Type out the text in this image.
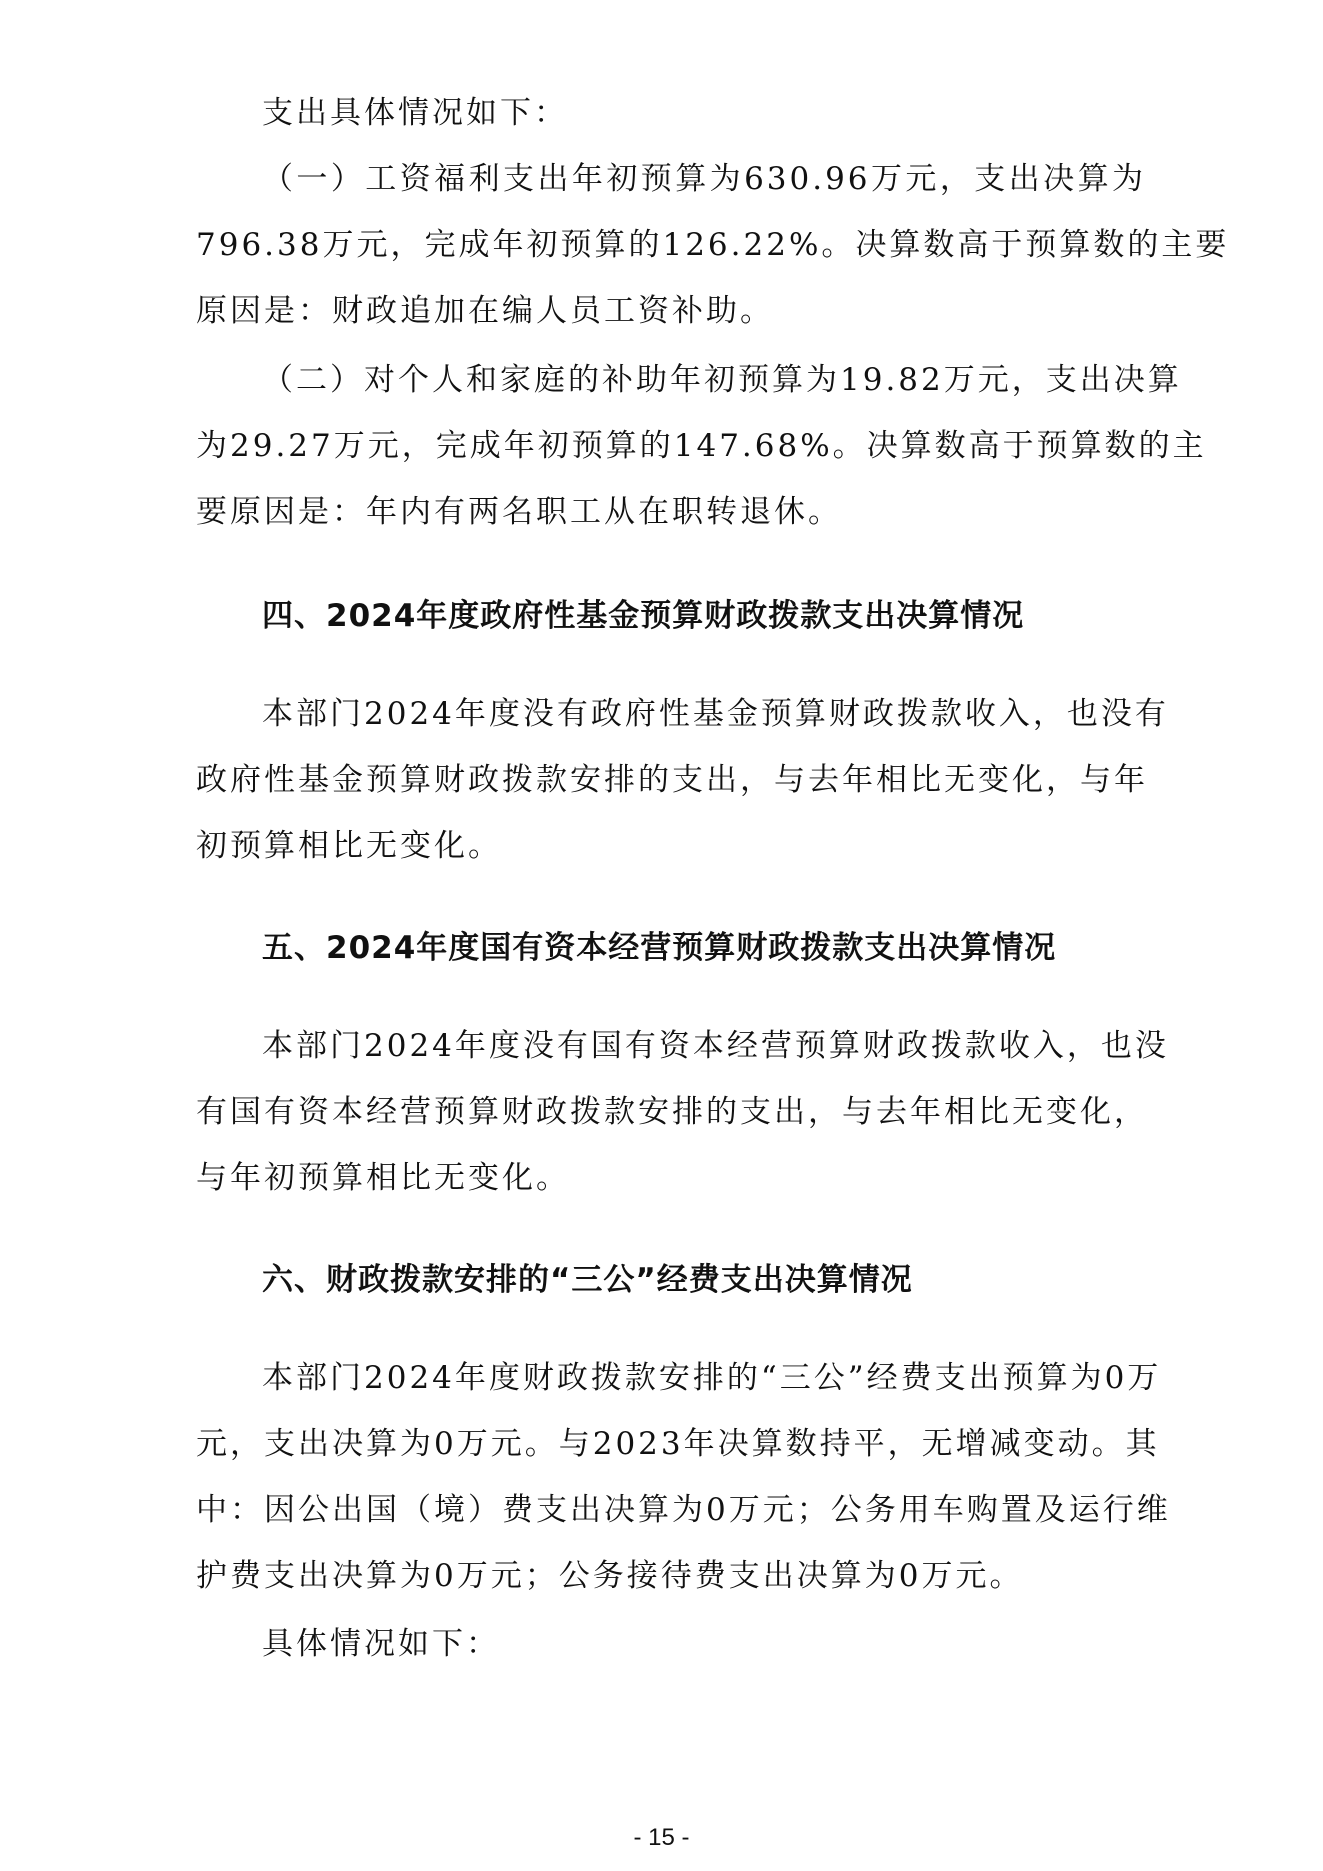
支出具体情况如下：

（一）工资福利支出年初预算为630.96万元，支出决算为

796.38万元，完成年初预算的126.22%。决算数高于预算数的主要

原因是：财政追加在编人员工资补助。

（二）对个人和家庭的补助年初预算为19.82万元，支出决算

为29.27万元，完成年初预算的147.68%。决算数高于预算数的主

要原因是：年内有两名职工从在职转退休。

四、2024年度政府性基金预算财政拨款支出决算情况

本部门2024年度没有政府性基金预算财政拨款收入，也没有

政府性基金预算财政拨款安排的支出，与去年相比无变化，与年

初预算相比无变化。

五、2024年度国有资本经营预算财政拨款支出决算情况

本部门2024年度没有国有资本经营预算财政拨款收入，也没

有国有资本经营预算财政拨款安排的支出，与去年相比无变化，

与年初预算相比无变化。

六、财政拨款安排的“三公”经费支出决算情况

本部门2024年度财政拨款安排的“三公”经费支出预算为0万

元，支出决算为0万元。与2023年决算数持平，无增减变动。其

中：因公出国（境）费支出决算为0万元；公务用车购置及运行维

护费支出决算为0万元；公务接待费支出决算为0万元。

具体情况如下：

- 15 -
